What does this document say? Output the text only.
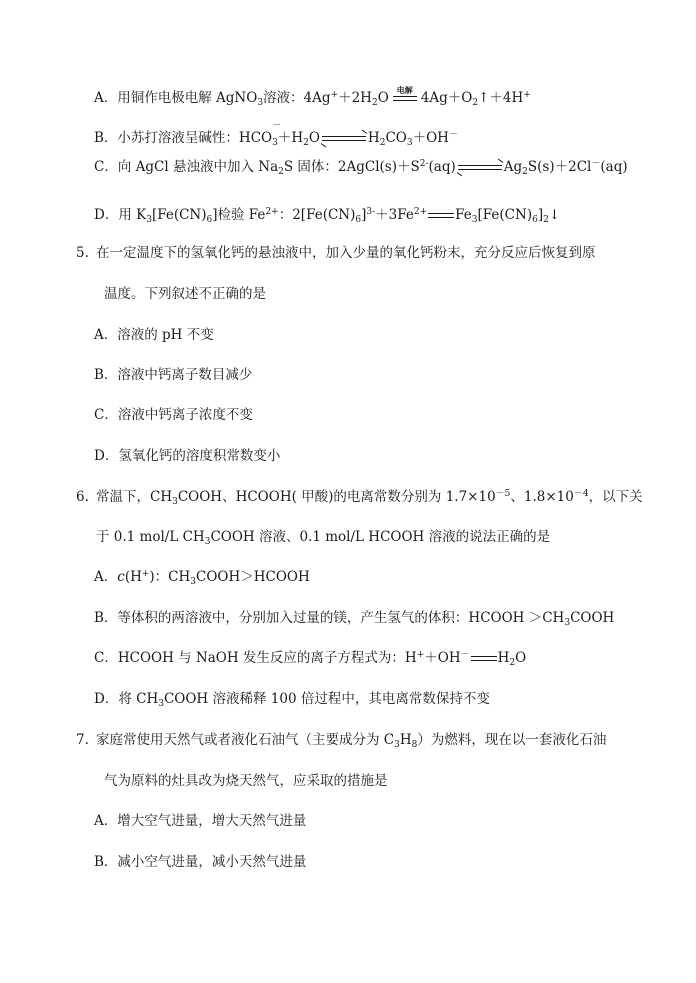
A．用铜作电极电解 AgNO$_3$溶液：$4Ag^++2H_2O$
电解
$4Ag+O_2↑+4H^+$
B．小苏打溶液呈碱性：HCO
－
$_3+H_2O$	$H_2CO_3+OH^-$
C．向 AgCl 悬浊液中加入 $Na_2S$ 固体：$2AgCl(s)+S^{2-}(aq)$	$Ag_2S(s)+2Cl^-(aq)$
D．用 $K_3[Fe(CN)_6]$检验 $Fe^{2+}$：$2[Fe(CN)_6]^{3-}+3Fe^{2+}$ $Fe_3[Fe(CN)_6]_2↓$
5. 在一定温度下的氢氧化钙的悬浊液中，加入少量的氧化钙粉末，充分反应后恢复到原
温度。下列叙述不正确的是
A．溶液的 pH 不变
B．溶液中钙离子数目减少
C．溶液中钙离子浓度不变
D．氢氧化钙的溶度积常数变小
6. 常温下，$CH_3COOH$、HCOOH( 甲酸)的电离常数分别为 $1.7\times 10^{-5}$、$1.8\times 10^{-4}$，以下关
于 0.1 mol/L $CH_3COOH$ 溶液、0.1 mol/L HCOOH 溶液的说法正确的是
A．c(H+)：$CH_3COOH>HCOOH$
B．等体积的两溶液中，分别加入过量的镁，产生氢气的体积：HCOOH $>CH_3COOH$
C．HCOOH 与 NaOH 发生反应的离子方程式为：H+＋OH－ $H_2O$
D．将 $CH_3COOH$ 溶液稀释 100 倍过程中，其电离常数保持不变
7. 家庭常使用天然气或者液化石油气（主要成分为 $C_3H_8$）为燃料，现在以一套液化石油
气为原料的灶具改为烧天然气，应采取的措施是
A．增大空气进量，增大天然气进量
B．减小空气进量，减小天然气进量
